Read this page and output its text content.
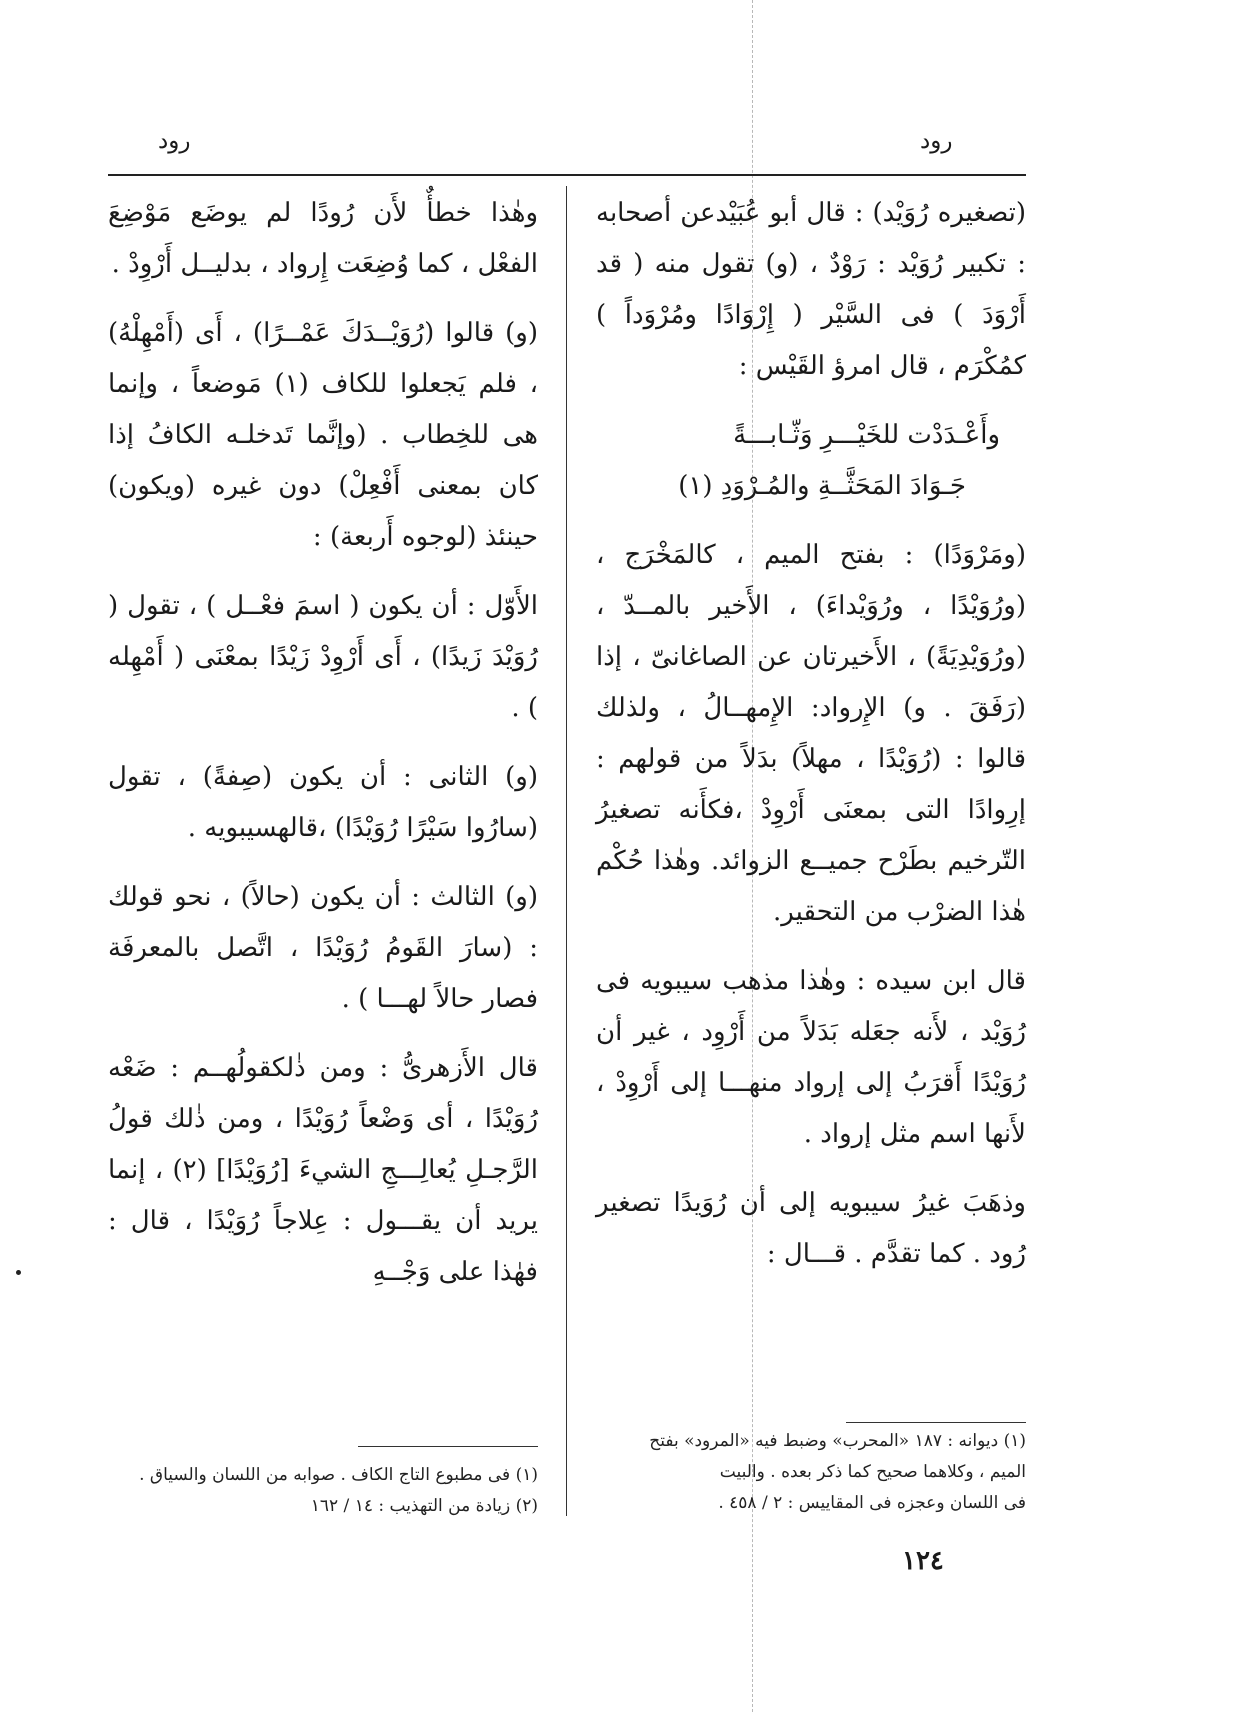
رود
رود

(تصغيره رُوَيْد) : قال أبو عُبَيْدعن أصحابه : تكبير رُوَيْد : رَوْدٌ ، (و) تقول منه ( قد أَرْوَدَ ) فى السَّيْر ( إِرْوَادًا ومُرْوَداً ) كمُكْرَم ، قال امرؤ القَيْس :

وأَعْـدَدْت للخَيْـــرِ وَثّـابـــةً

جَـوَادَ المَحَثَّــةِ والمُـرْوَدِ (١)

(ومَرْوَدًا) : بفتح الميم ، كالمَخْرَج ، (ورُوَيْدًا ، ورُوَيْداءَ) ، الأَخير بالمــدّ ، (ورُوَيْدِيَةً) ، الأَخيرتان عن الصاغانىّ ، إذا (رَفَقَ . و) الإِرواد: الإِمهــالُ ، ولذلك قالوا : (رُوَيْدًا ، مهلاً) بدَلاً من قولهم : إرِوادًا التى بمعنَى أَرْوِدْ ،فكأَنه تصغيرُ التّرخيم بطَرْح جميــع الزوائد. وهٰذا حُكْم هٰذا الضرْب من التحقير.

قال ابن سيده : وهٰذا مذهب سيبويه فى رُوَيْد ، لأَنه جعَله بَدَلاً من أَرْوِد ، غير أن رُوَيْدًا أَقرَبُ إلى إرواد منهـــا إلى أَرْوِدْ ، لأَنها اسم مثل إرواد .

وذهَبَ غيرُ سيبويه إلى أن رُوَيدًا تصغير رُود . كما تقدَّم . قـــال :

وهٰذا خطأٌ لأَن رُودًا لم يوضَع مَوْضِعَ الفعْل ، كما وُضِعَت إِرواد ، بدليــل أَرْوِدْ .

(و) قالوا (رُوَيْــدَكَ عَمْــرًا) ، أَى (أَمْهِلْهُ) ، فلم يَجعلوا للكاف (١) مَوضعاً ، وإنما هى للخِطاب . (وإنَّما تَدخلـه الكافُ إذا كان بمعنى أَفْعِلْ) دون غيره (ويكون) حينئذ (لوجوه أَربعة) :

الأَوّل : أن يكون ( اسمَ فعْــل ) ، تقول ( رُوَيْدَ زَيدًا) ، أَى أَرْوِدْ زَيْدًا بمعْنَى ( أَمْهِله ) .

(و) الثانى : أن يكون (صِفةً) ، تقول (سارُوا سَيْرًا رُوَيْدًا) ،قالهسيبويه .

(و) الثالث : أن يكون (حالاً) ، نحو قولك : (سارَ القَومُ رُوَيْدًا ، اتَّصل بالمعرفَة فصار حالاً لهـــا ) .

قال الأَزهرىُّ : ومن ذٰلكقولُهــم : ضَعْه رُوَيْدًا ، أى وَضْعاً رُوَيْدًا ، ومن ذٰلك قولُ الرَّجـلِ يُعالِـــجِ الشيءَ [رُوَيْدًا] (٢) ، إنما يريد أن يقـــول : عِلاجاً رُوَيْدًا ، قال : فهٰذا على وَجْــهِ

(١) ديوانه : ١٨٧ «المحرب» وضبط فيه «المرود» بفتح
الميم ، وكلاهما صحيح كما ذكر بعده . والبيت
فى اللسان وعجزه فى المقاييس : ٢ / ٤٥٨ .
(١) فى مطبوع التاج الكاف . صوابه من اللسان والسياق .
(٢) زيادة من التهذيب : ١٤ / ١٦٢
١٢٤
